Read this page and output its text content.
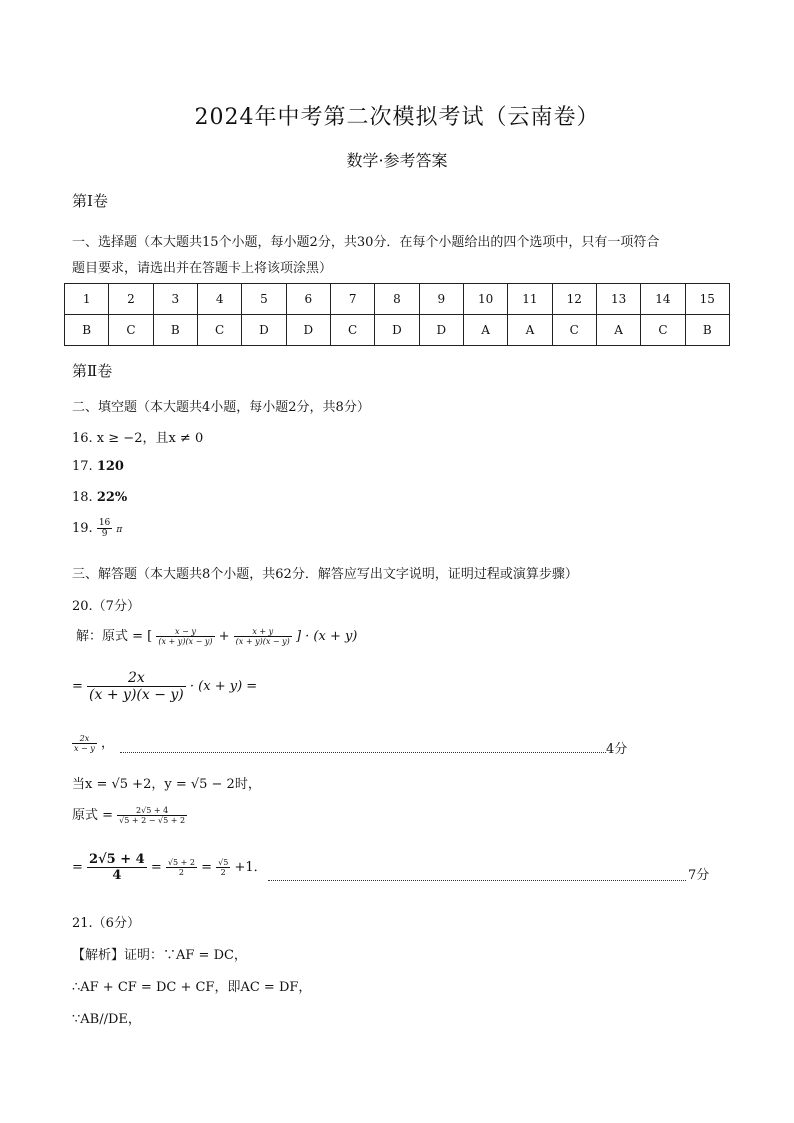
2024年中考第二次模拟考试（云南卷）
数学·参考答案
第Ⅰ卷
一、选择题（本大题共15个小题，每小题2分，共30分．在每个小题给出的四个选项中，只有一项符合
题目要求，请选出并在答题卡上将该项涂黑）
1	2	3	4	5	6	7	8	9	10	11	12	13	14	15
B	C	B	C	D	D	C	D	D	A	A	C	A	C	B
第Ⅱ卷
二、填空题（本大题共4小题，每小题2分，共8分）
16. x ≥ −2，且x ≠ 0
17. 120
18. 22%
19. $\frac{16}{9}$ π
三、解答题（本大题共8个小题，共62分．解答应写出文字说明，证明过程或演算步骤）
20.（7分）
解：原式 = [ $\frac{x - y}{(x + y)(x - y)} + \frac{x + y}{(x + y)(x - y)}$ ] · (x + y)
= $\frac{2x}{(x + y)(x - y)} \cdot (x + y)$ =
$\frac{2x}{x - y}$ ，	4分
当x = √5 +2，y = √5 − 2时，
原式 = $\frac{2√5 + 4}{√5 + 2 - √5 + 2}$
= $\frac{2√5 + 4}{4} = \frac{√5 + 2}{2} = \frac{√5}{2} +1$．
7分
21.（6分）
【解析】证明：∵AF = DC，
∴AF + CF = DC + CF，即AC = DF，
∵AB//DE，
